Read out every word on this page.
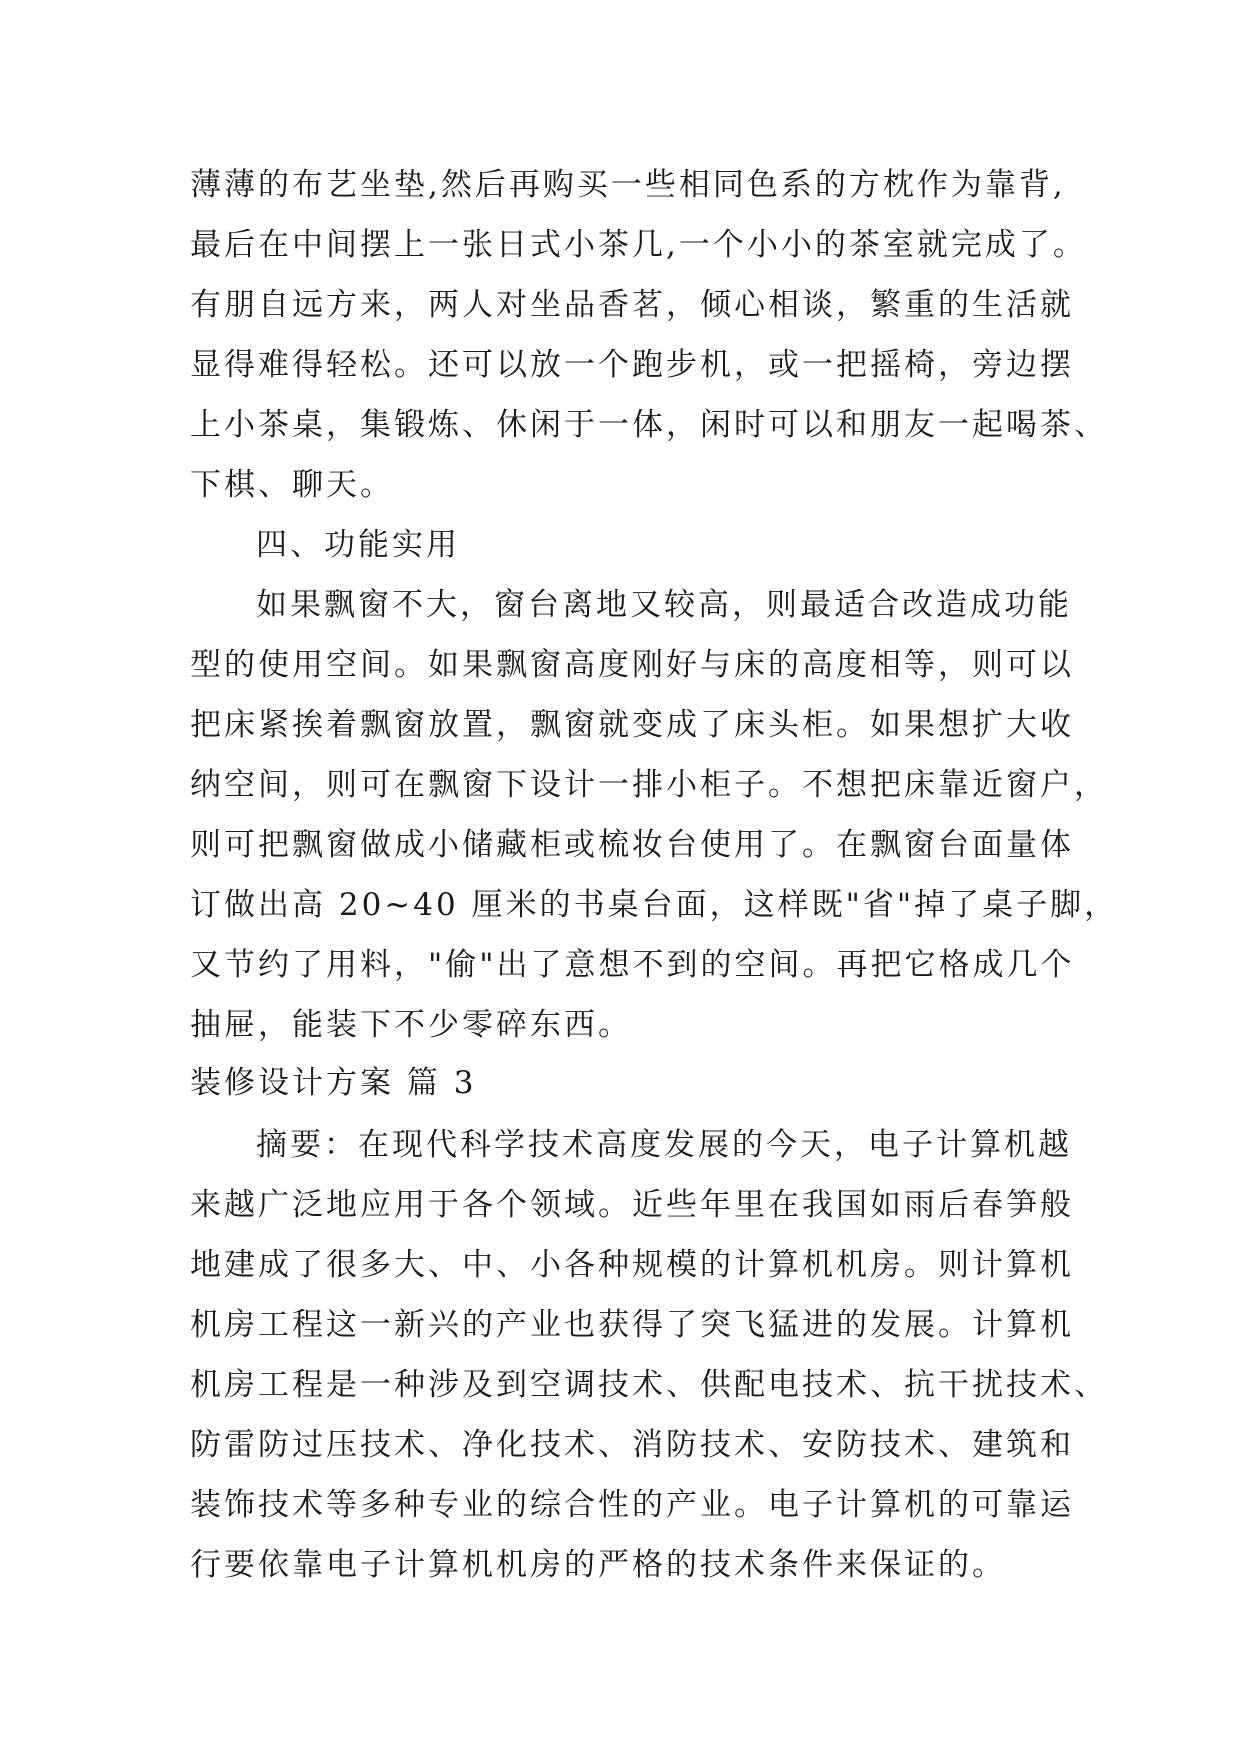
薄薄的布艺坐垫,然后再购买一些相同色系的方枕作为靠背,
最后在中间摆上一张日式小茶几,一个小小的茶室就完成了。
有朋自远方来，两人对坐品香茗，倾心相谈，繁重的生活就
显得难得轻松。还可以放一个跑步机，或一把摇椅，旁边摆
上小茶桌，集锻炼、休闲于一体，闲时可以和朋友一起喝茶、
下棋、聊天。
四、功能实用
如果飘窗不大，窗台离地又较高，则最适合改造成功能
型的使用空间。如果飘窗高度刚好与床的高度相等，则可以
把床紧挨着飘窗放置，飘窗就变成了床头柜。如果想扩大收
纳空间，则可在飘窗下设计一排小柜子。不想把床靠近窗户，
则可把飘窗做成小储藏柜或梳妆台使用了。在飘窗台面量体
订做出高 20~40 厘米的书桌台面，这样既"省"掉了桌子脚，
又节约了用料，"偷"出了意想不到的空间。再把它格成几个
抽屉，能装下不少零碎东西。
装修设计方案 篇 3
摘要：在现代科学技术高度发展的今天，电子计算机越
来越广泛地应用于各个领域。近些年里在我国如雨后春笋般
地建成了很多大、中、小各种规模的计算机机房。则计算机
机房工程这一新兴的产业也获得了突飞猛进的发展。计算机
机房工程是一种涉及到空调技术、供配电技术、抗干扰技术、
防雷防过压技术、净化技术、消防技术、安防技术、建筑和
装饰技术等多种专业的综合性的产业。电子计算机的可靠运
行要依靠电子计算机机房的严格的技术条件来保证的。
